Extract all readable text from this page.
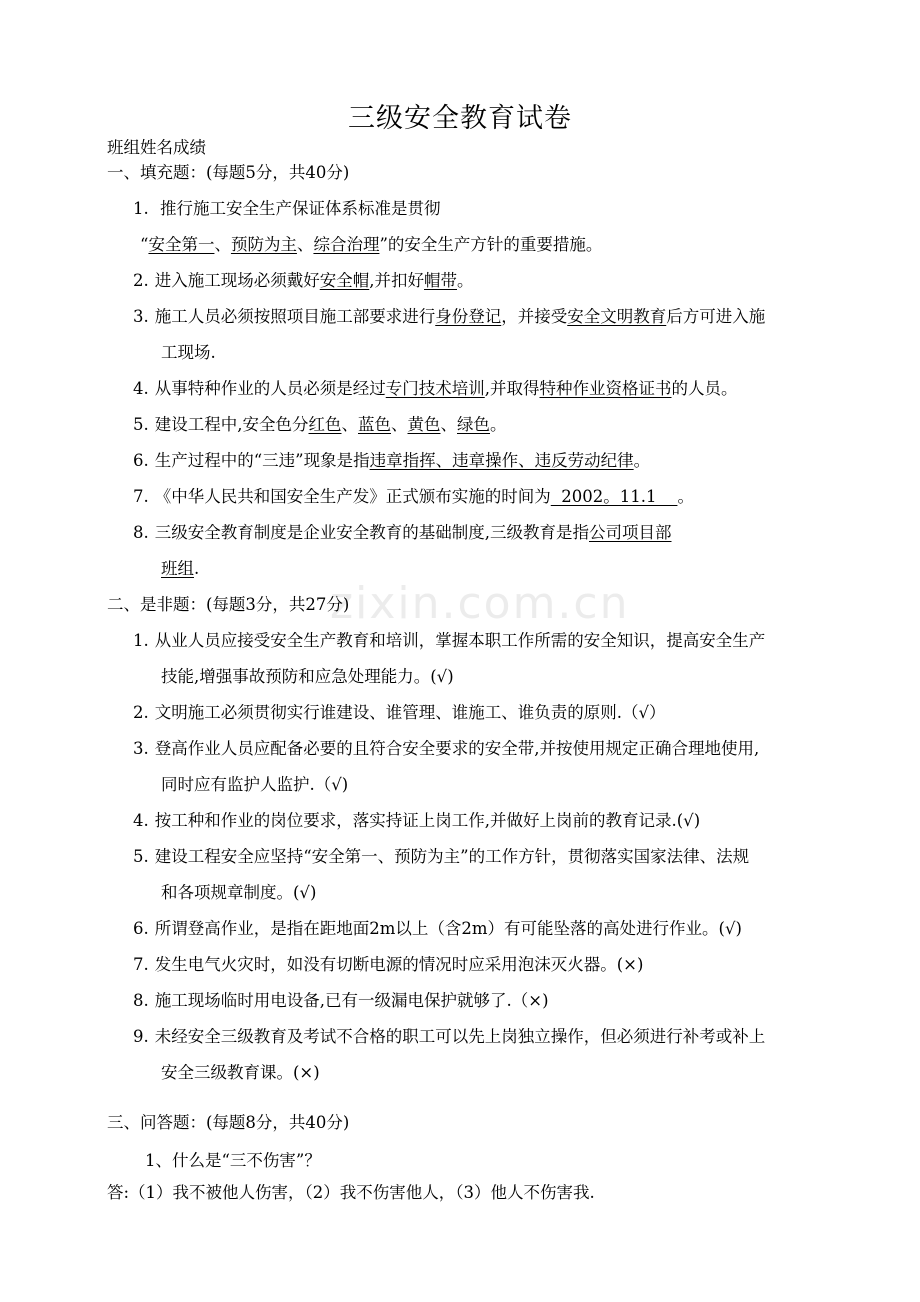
zixin.com.cn
三级安全教育试卷
班组姓名成绩
一、填充题：(每题5分，共40分)
1. 推行施工安全生产保证体系标准是贯彻
“安全第一、预防为主、综合治理”的安全生产方针的重要措施。
2. 进入施工现场必须戴好安全帽,并扣好帽带。
3. 施工人员必须按照项目施工部要求进行身份登记，并接受安全文明教育后方可进入施
工现场.
4. 从事特种作业的人员必须是经过专门技术培训,并取得特种作业资格证书的人员。
5. 建设工程中,安全色分红色、蓝色、黄色、绿色。
6. 生产过程中的“三违”现象是指违章指挥、违章操作、违反劳动纪律。
7. 《中华人民共和国安全生产发》正式颁布实施的时间为  2002。11.1    。
8. 三级安全教育制度是企业安全教育的基础制度,三级教育是指公司项目部
班组.
二、是非题：(每题3分，共27分)
1. 从业人员应接受安全生产教育和培训，掌握本职工作所需的安全知识，提高安全生产
技能,增强事故预防和应急处理能力。(√)
2. 文明施工必须贯彻实行谁建设、谁管理、谁施工、谁负责的原则.（√）
3. 登高作业人员应配备必要的且符合安全要求的安全带,并按使用规定正确合理地使用,
同时应有监护人监护.（√)
4. 按工种和作业的岗位要求，落实持证上岗工作,并做好上岗前的教育记录.(√)
5. 建设工程安全应坚持“安全第一、预防为主”的工作方针，贯彻落实国家法律、法规
和各项规章制度。(√)
6. 所谓登高作业，是指在距地面2m以上（含2m）有可能坠落的高处进行作业。(√)
7. 发生电气火灾时，如没有切断电源的情况时应采用泡沫灭火器。(×)
8. 施工现场临时用电设备,已有一级漏电保护就够了.（×)
9. 未经安全三级教育及考试不合格的职工可以先上岗独立操作，但必须进行补考或补上
安全三级教育课。(×)
三、问答题：(每题8分，共40分)
1、什么是“三不伤害”？
答:（1）我不被他人伤害，（2）我不伤害他人，（3）他人不伤害我.
